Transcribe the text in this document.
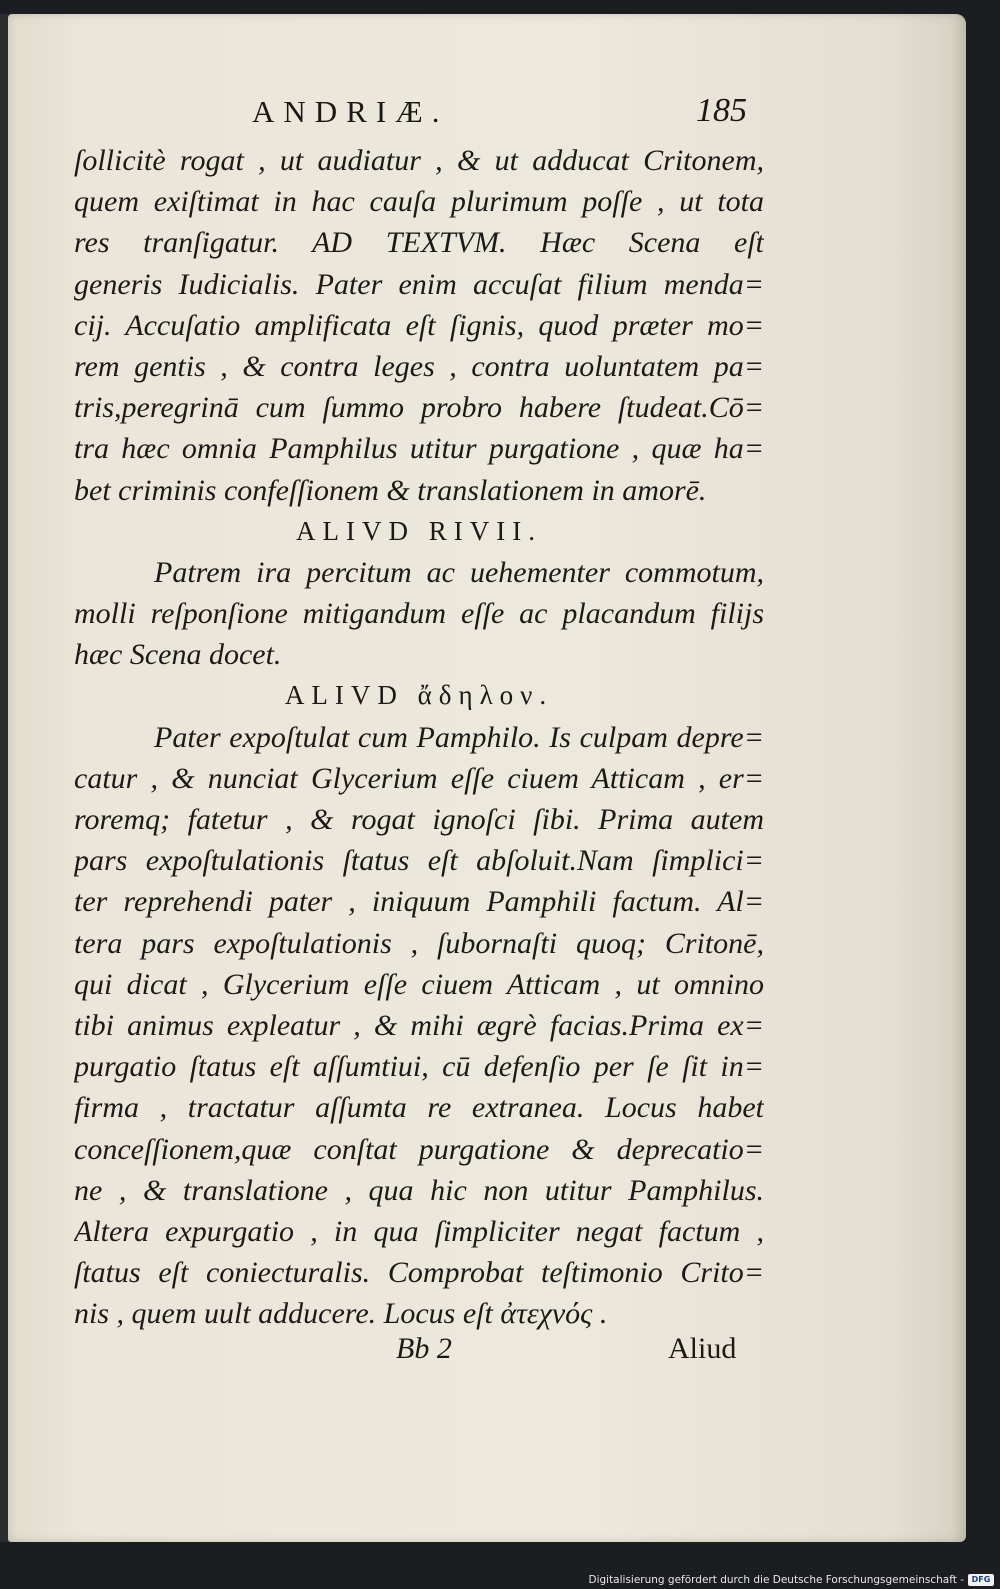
ANDRIÆ.	185
ſollicitè rogat , ut audiatur , & ut adducat Critonem,
quem exiſtimat in hac cauſa plurimum poſſe , ut tota
res tranſigatur. AD TEXTVM. Hæc Scena eſt
generis Iudicialis. Pater enim accuſat filium menda=
cij. Accuſatio amplificata eſt ſignis, quod præter mo=
rem gentis , & contra leges , contra uoluntatem pa=
tris,peregrinā cum ſummo probro habere ſtudeat.Cō=
tra hæc omnia Pamphilus utitur purgatione , quæ ha=
bet criminis confeſſionem & translationem in amorē.
ALIVD RIVII.
Patrem ira percitum ac uehementer commotum,
molli reſponſione mitigandum eſſe ac placandum filijs
hæc Scena docet.
ALIVD ἄδηλον.
Pater expoſtulat cum Pamphilo. Is culpam depre=
catur , & nunciat Glycerium eſſe ciuem Atticam , er=
roremq; fatetur , & rogat ignoſci ſibi. Prima autem
pars expoſtulationis ſtatus eſt abſoluit.Nam ſimplici=
ter reprehendi pater , iniquum Pamphili factum. Al=
tera pars expoſtulationis , ſubornaſti quoq; Critonē,
qui dicat , Glycerium eſſe ciuem Atticam , ut omnino
tibi animus expleatur , & mihi ægrè facias.Prima ex=
purgatio ſtatus eſt aſſumtiui, cū defenſio per ſe ſit in=
firma , tractatur aſſumta re extranea. Locus habet
conceſſionem,quæ conſtat purgatione & deprecatio=
ne , & translatione , qua hic non utitur Pamphilus.
Altera expurgatio , in qua ſimpliciter negat factum ,
ſtatus eſt coniecturalis. Comprobat teſtimonio Crito=
nis , quem uult adducere. Locus eſt ἀτεχνός .
Bb 2	Aliud
Digitalisierung gefördert durch die Deutsche Forschungsgemeinschaft - DFG
